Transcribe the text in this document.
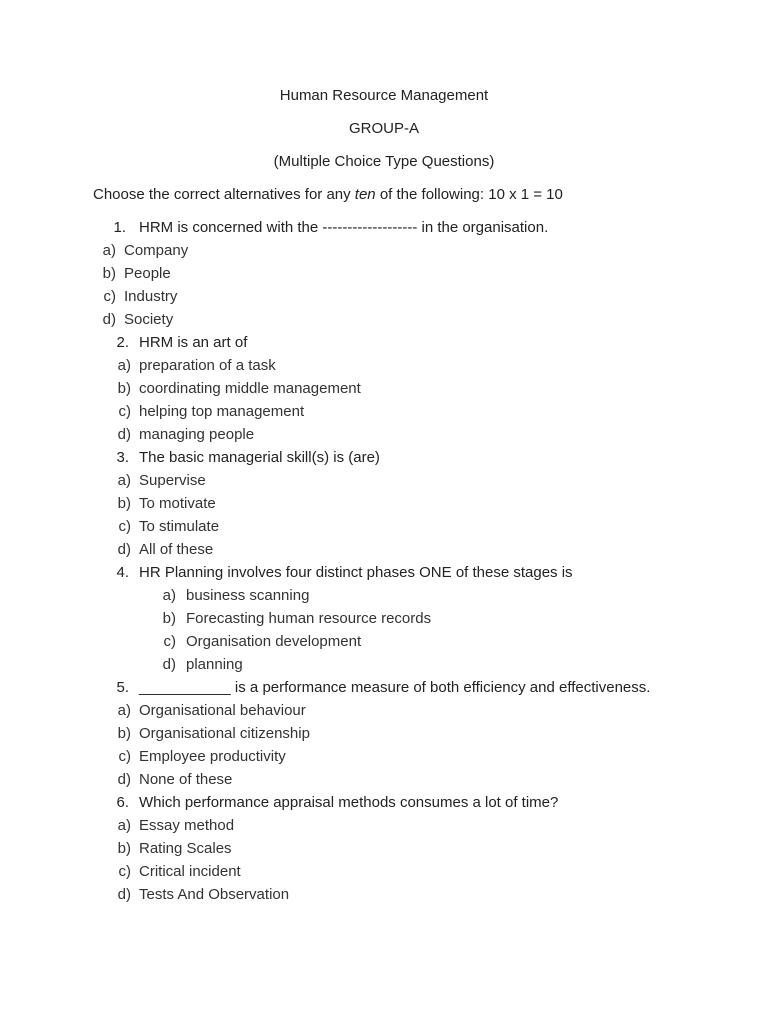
Human Resource Management
GROUP-A
(Multiple Choice Type Questions)
Choose the correct alternatives for any ten of the following: 10 x 1 = 10
1. HRM is concerned with the ------------------- in the organisation.
a) Company
b) People
c) Industry
d) Society
2. HRM is an art of
a) preparation of a task
b) coordinating middle management
c) helping top management
d) managing people
3. The basic managerial skill(s) is (are)
a) Supervise
b) To motivate
c) To stimulate
d) All of these
4. HR Planning involves four distinct phases ONE of these stages is
a) business scanning
b) Forecasting human resource records
c) Organisation development
d) planning
5. ___________ is a performance measure of both efficiency and effectiveness.
a) Organisational behaviour
b) Organisational citizenship
c) Employee productivity
d) None of these
6. Which performance appraisal methods consumes a lot of time?
a) Essay method
b) Rating Scales
c) Critical incident
d) Tests And Observation
